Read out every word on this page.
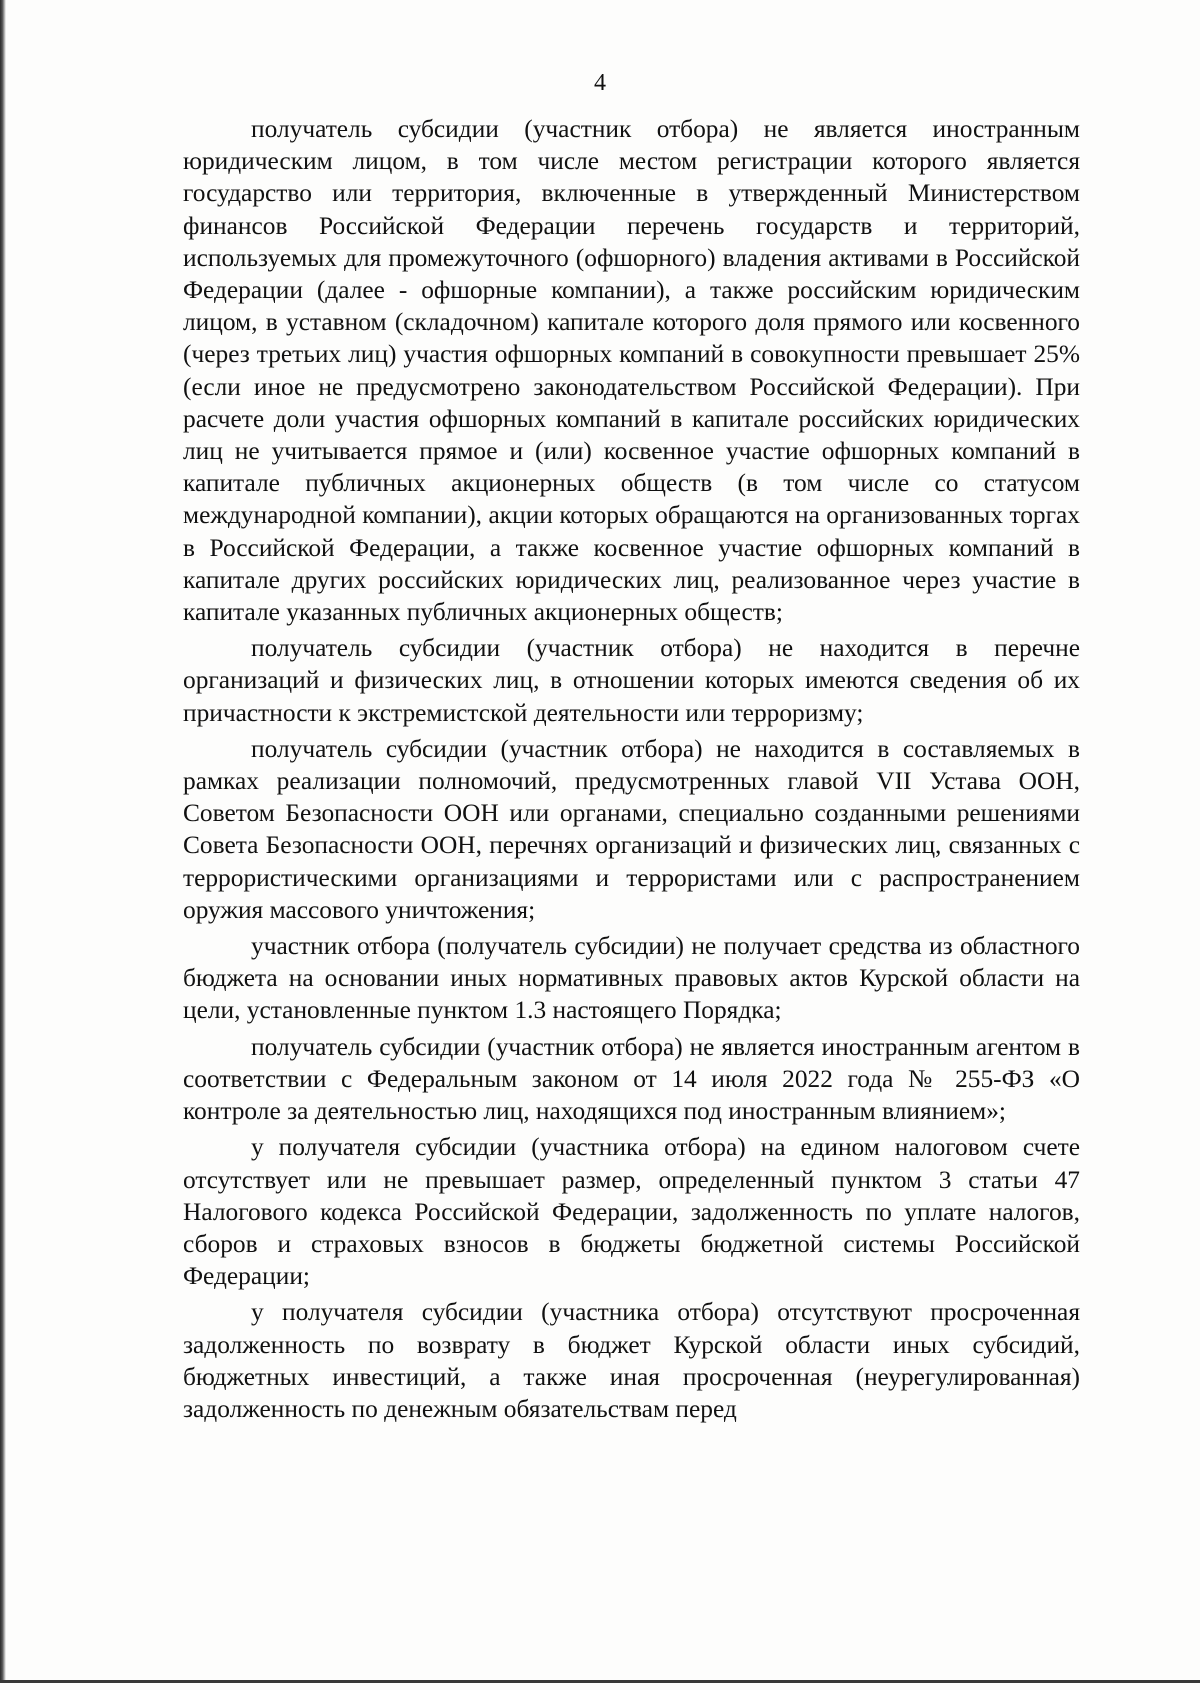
4

получатель субсидии (участник отбора) не является иностранным юридическим лицом, в том числе местом регистрации которого является государство или территория, включенные в утвержденный Министерством финансов Российской Федерации перечень государств и территорий, используемых для промежуточного (офшорного) владения активами в Российской Федерации (далее - офшорные компании), а также российским юридическим лицом, в уставном (складочном) капитале которого доля прямого или косвенного (через третьих лиц) участия офшорных компаний в совокупности превышает 25% (если иное не предусмотрено законодательством Российской Федерации). При расчете доли участия офшорных компаний в капитале российских юридических лиц не учитывается прямое и (или) косвенное участие офшорных компаний в капитале публичных акционерных обществ (в том числе со статусом международной компании), акции которых обращаются на организованных торгах в Российской Федерации, а также косвенное участие офшорных компаний в капитале других российских юридических лиц, реализованное через участие в капитале указанных публичных акционерных обществ;

получатель субсидии (участник отбора) не находится в перечне организаций и физических лиц, в отношении которых имеются сведения об их причастности к экстремистской деятельности или терроризму;

получатель субсидии (участник отбора) не находится в составляемых в рамках реализации полномочий, предусмотренных главой VII Устава ООН, Советом Безопасности ООН или органами, специально созданными решениями Совета Безопасности ООН, перечнях организаций и физических лиц, связанных с террористическими организациями и террористами или с распространением оружия массового уничтожения;

участник отбора (получатель субсидии) не получает средства из областного бюджета на основании иных нормативных правовых актов Курской области на цели, установленные пунктом 1.3 настоящего Порядка;

получатель субсидии (участник отбора) не является иностранным агентом в соответствии с Федеральным законом от 14 июля 2022 года № 255-ФЗ «О контроле за деятельностью лиц, находящихся под иностранным влиянием»;

у получателя субсидии (участника отбора) на едином налоговом счете отсутствует или не превышает размер, определенный пунктом 3 статьи 47 Налогового кодекса Российской Федерации, задолженность по уплате налогов, сборов и страховых взносов в бюджеты бюджетной системы Российской Федерации;

у получателя субсидии (участника отбора) отсутствуют просроченная задолженность по возврату в бюджет Курской области иных субсидий, бюджетных инвестиций, а также иная просроченная (неурегулированная) задолженность по денежным обязательствам перед
